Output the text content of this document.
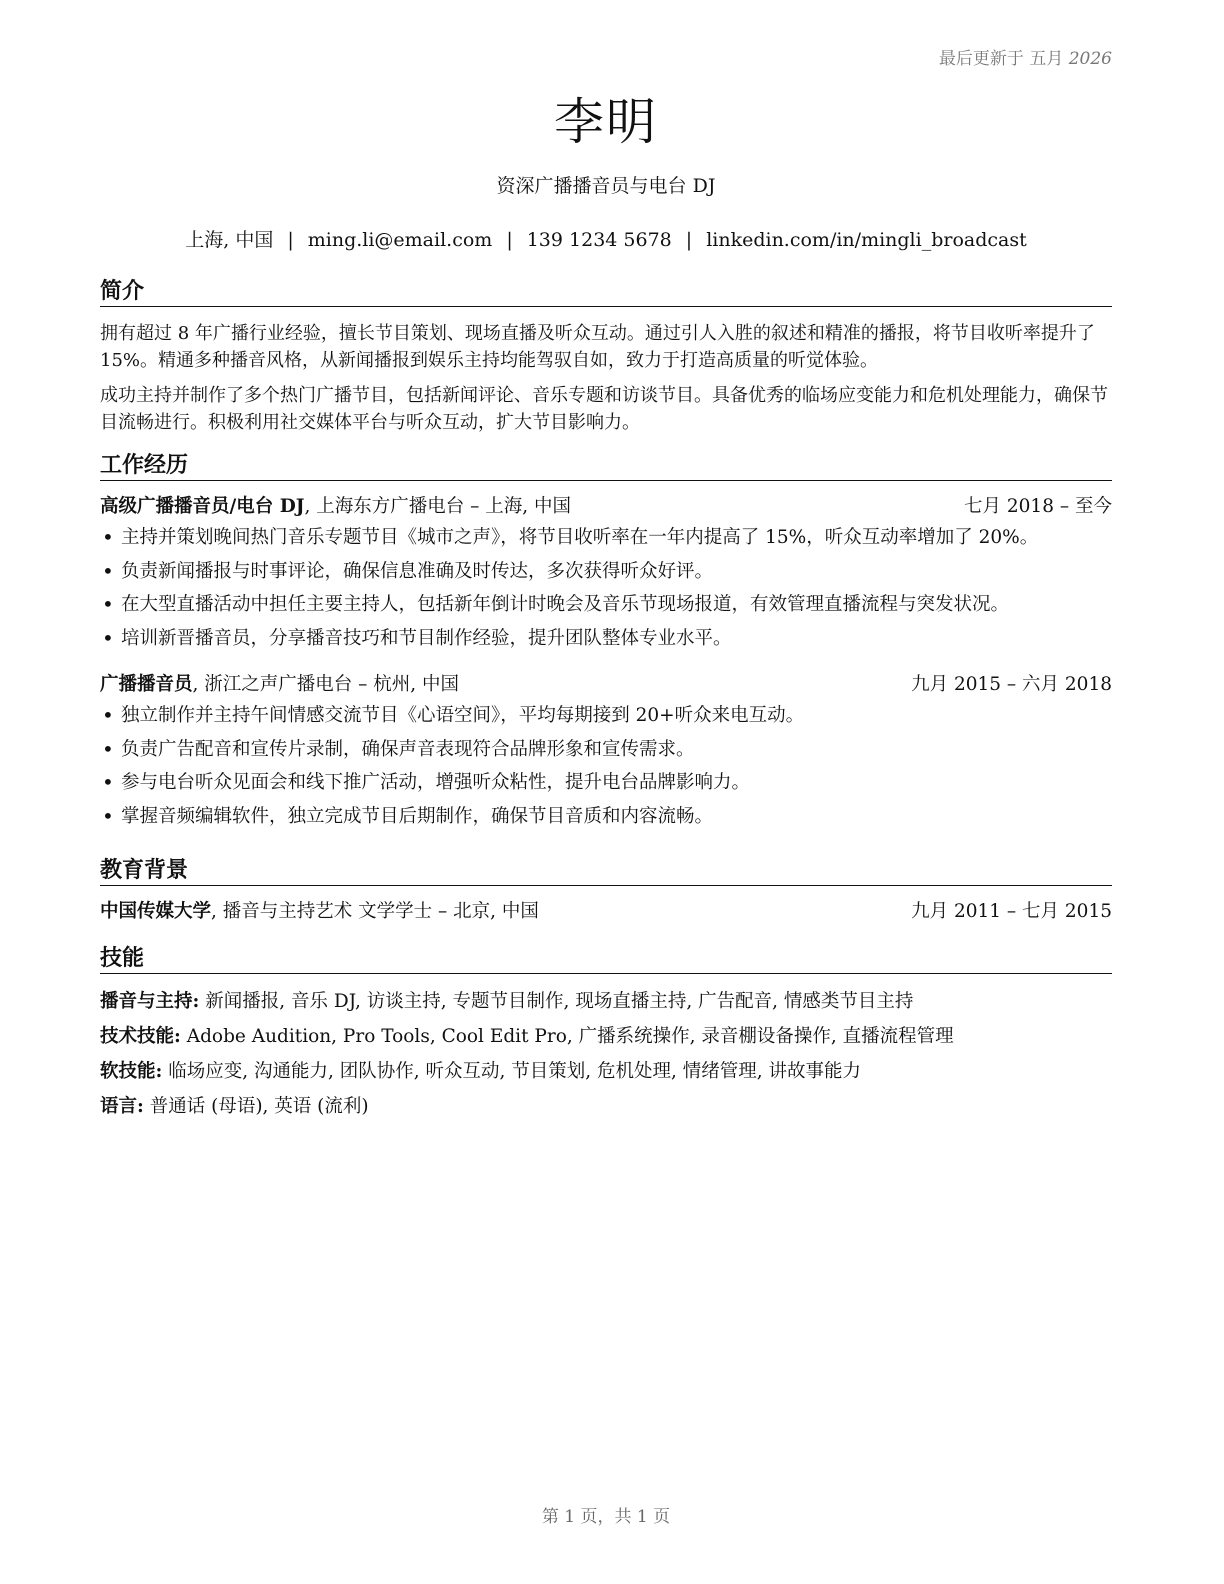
最后更新于 五月 2026
李明
资深广播播音员与电台 DJ
上海, 中国 | ming.li@email.com | 139 1234 5678 | linkedin.com/in/mingli_broadcast
简介

拥有超过 8 年广播行业经验，擅长节目策划、现场直播及听众互动。通过引人入胜的叙述和精准的播报，将节目收听率提升了 15%。精通多种播音风格，从新闻播报到娱乐主持均能驾驭自如，致力于打造高质量的听觉体验。

成功主持并制作了多个热门广播节目，包括新闻评论、音乐专题和访谈节目。具备优秀的临场应变能力和危机处理能力，确保节目流畅进行。积极利用社交媒体平台与听众互动，扩大节目影响力。

工作经历
高级广播播音员/电台 DJ, 上海东方广播电台 – 上海, 中国	七月 2018 – 至今
• 主持并策划晚间热门音乐专题节目《城市之声》，将节目收听率在一年内提高了 15%，听众互动率增加了 20%。
• 负责新闻播报与时事评论，确保信息准确及时传达，多次获得听众好评。
• 在大型直播活动中担任主要主持人，包括新年倒计时晚会及音乐节现场报道，有效管理直播流程与突发状况。
• 培训新晋播音员，分享播音技巧和节目制作经验，提升团队整体专业水平。
广播播音员, 浙江之声广播电台 – 杭州, 中国	九月 2015 – 六月 2018
• 独立制作并主持午间情感交流节目《心语空间》，平均每期接到 20+听众来电互动。
• 负责广告配音和宣传片录制，确保声音表现符合品牌形象和宣传需求。
• 参与电台听众见面会和线下推广活动，增强听众粘性，提升电台品牌影响力。
• 掌握音频编辑软件，独立完成节目后期制作，确保节目音质和内容流畅。
教育背景
中国传媒大学, 播音与主持艺术 文学学士 – 北京, 中国	九月 2011 – 七月 2015
技能
播音与主持: 新闻播报, 音乐 DJ, 访谈主持, 专题节目制作, 现场直播主持, 广告配音, 情感类节目主持
技术技能: Adobe Audition, Pro Tools, Cool Edit Pro, 广播系统操作, 录音棚设备操作, 直播流程管理
软技能: 临场应变, 沟通能力, 团队协作, 听众互动, 节目策划, 危机处理, 情绪管理, 讲故事能力
语言: 普通话 (母语), 英语 (流利)
第 1 页，共 1 页
